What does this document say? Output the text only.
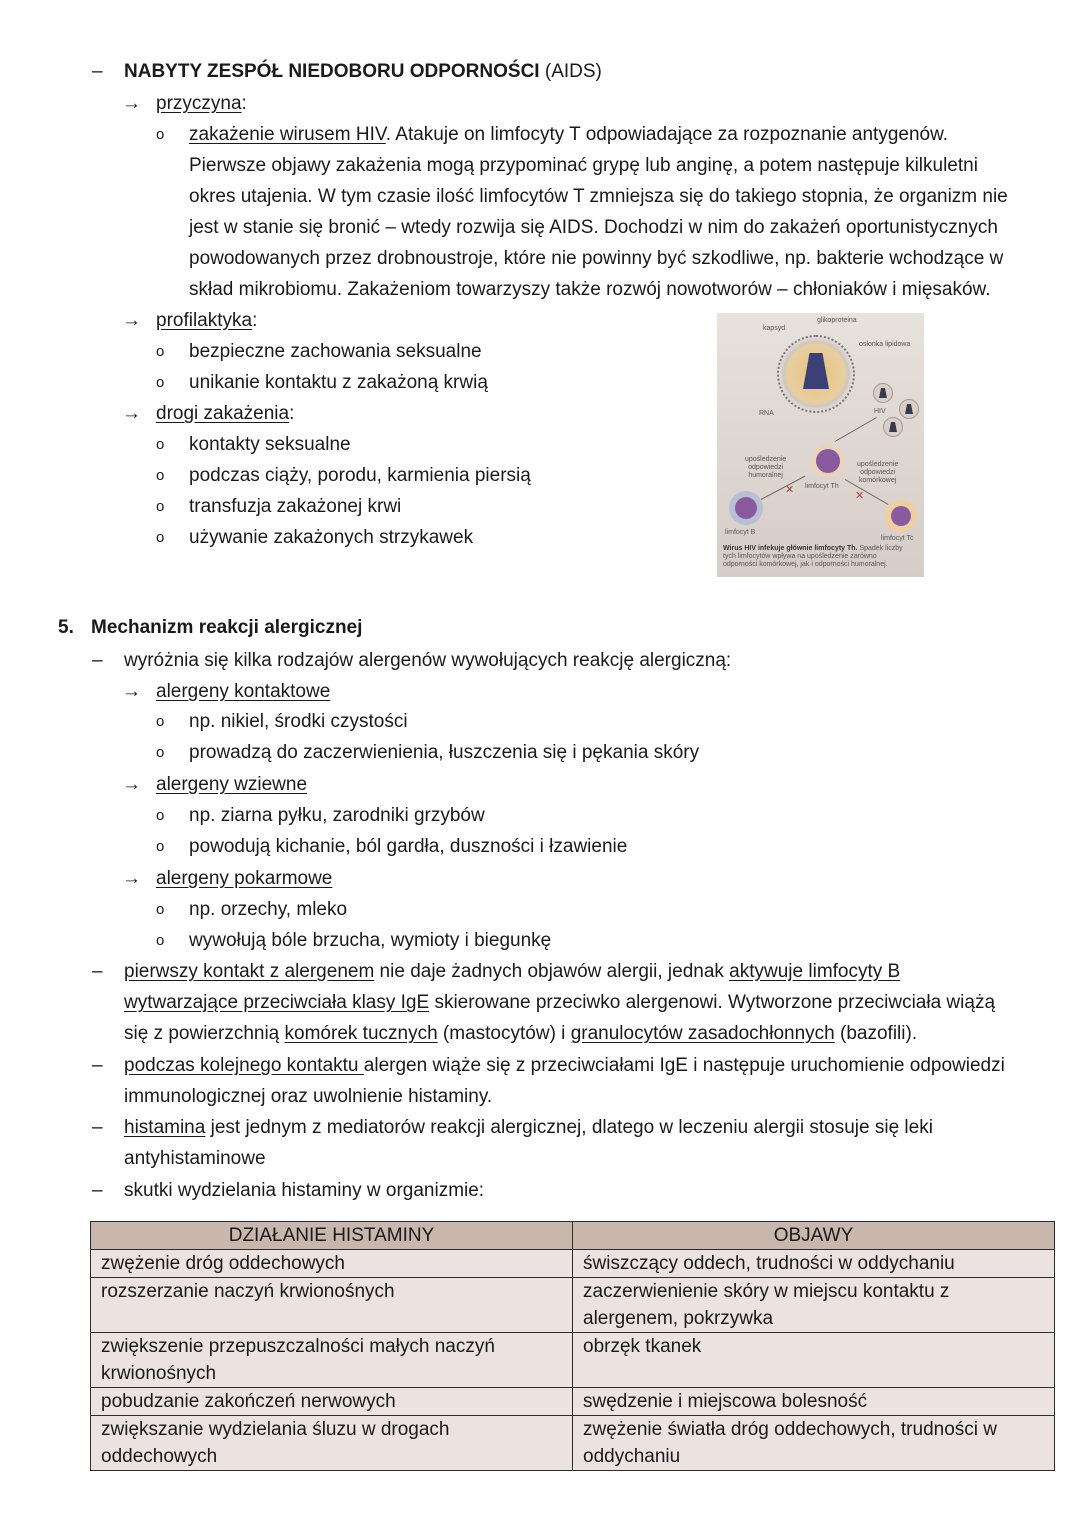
– NABYTY ZESPÓŁ NIEDOBORU ODPORNOŚCI (AIDS)
→ przyczyna:
o zakażenie wirusem HIV. Atakuje on limfocyty T odpowiadające za rozpoznanie antygenów.
Pierwsze objawy zakażenia mogą przypominać grypę lub anginę, a potem następuje kilkuletni
okres utajenia. W tym czasie ilość limfocytów T zmniejsza się do takiego stopnia, że organizm nie
jest w stanie się bronić – wtedy rozwija się AIDS. Dochodzi w nim do zakażeń oportunistycznych
powodowanych przez drobnoustroje, które nie powinny być szkodliwe, np. bakterie wchodzące w
skład mikrobiomu. Zakażeniom towarzyszy także rozwój nowotworów – chłoniaków i mięsaków.
→ profilaktyka:
o bezpieczne zachowania seksualne
o unikanie kontaktu z zakażoną krwią
→ drogi zakażenia:
o kontakty seksualne
o podczas ciąży, porodu, karmienia piersią
o transfuzja zakażonej krwi
o używanie zakażonych strzykawek
glikoproteina
kapsyd
osłonka lipidowa
RNA	HIV
limfocyt Th
upośledzenie
odpowiedzi
humoralnej
upośledzenie
odpowiedzi
komórkowej
✕	✕
limfocyt B
limfocyt Tc
Wirus HIV infekuje głównie limfocyty Th. Spadek liczby
tych limfocytów wpływa na upośledzenie zarówno
odporności komórkowej, jak i odporności humoralnej.
5. Mechanizm reakcji alergicznej
– wyróżnia się kilka rodzajów alergenów wywołujących reakcję alergiczną:
→ alergeny kontaktowe
o np. nikiel, środki czystości
o prowadzą do zaczerwienienia, łuszczenia się i pękania skóry
→ alergeny wziewne
o np. ziarna pyłku, zarodniki grzybów
o powodują kichanie, ból gardła, duszności i łzawienie
→ alergeny pokarmowe
o np. orzechy, mleko
o wywołują bóle brzucha, wymioty i biegunkę
– pierwszy kontakt z alergenem nie daje żadnych objawów alergii, jednak aktywuje limfocyty B
wytwarzające przeciwciała klasy IgE skierowane przeciwko alergenowi. Wytworzone przeciwciała wiążą
się z powierzchnią komórek tucznych (mastocytów) i granulocytów zasadochłonnych (bazofili).
– podczas kolejnego kontaktu alergen wiąże się z przeciwciałami IgE i następuje uruchomienie odpowiedzi
immunologicznej oraz uwolnienie histaminy.
– histamina jest jednym z mediatorów reakcji alergicznej, dlatego w leczeniu alergii stosuje się leki
antyhistaminowe
– skutki wydzielania histaminy w organizmie:
DZIAŁANIE HISTAMINY	OBJAWY
zwężenie dróg oddechowych	świszczący oddech, trudności w oddychaniu
rozszerzanie naczyń krwionośnych	zaczerwienienie skóry w miejscu kontaktu z alergenem, pokrzywka
zwiększenie przepuszczalności małych naczyń krwionośnych	obrzęk tkanek
pobudzanie zakończeń nerwowych	swędzenie i miejscowa bolesność
zwiększanie wydzielania śluzu w drogach oddechowych	zwężenie światła dróg oddechowych, trudności w oddychaniu
